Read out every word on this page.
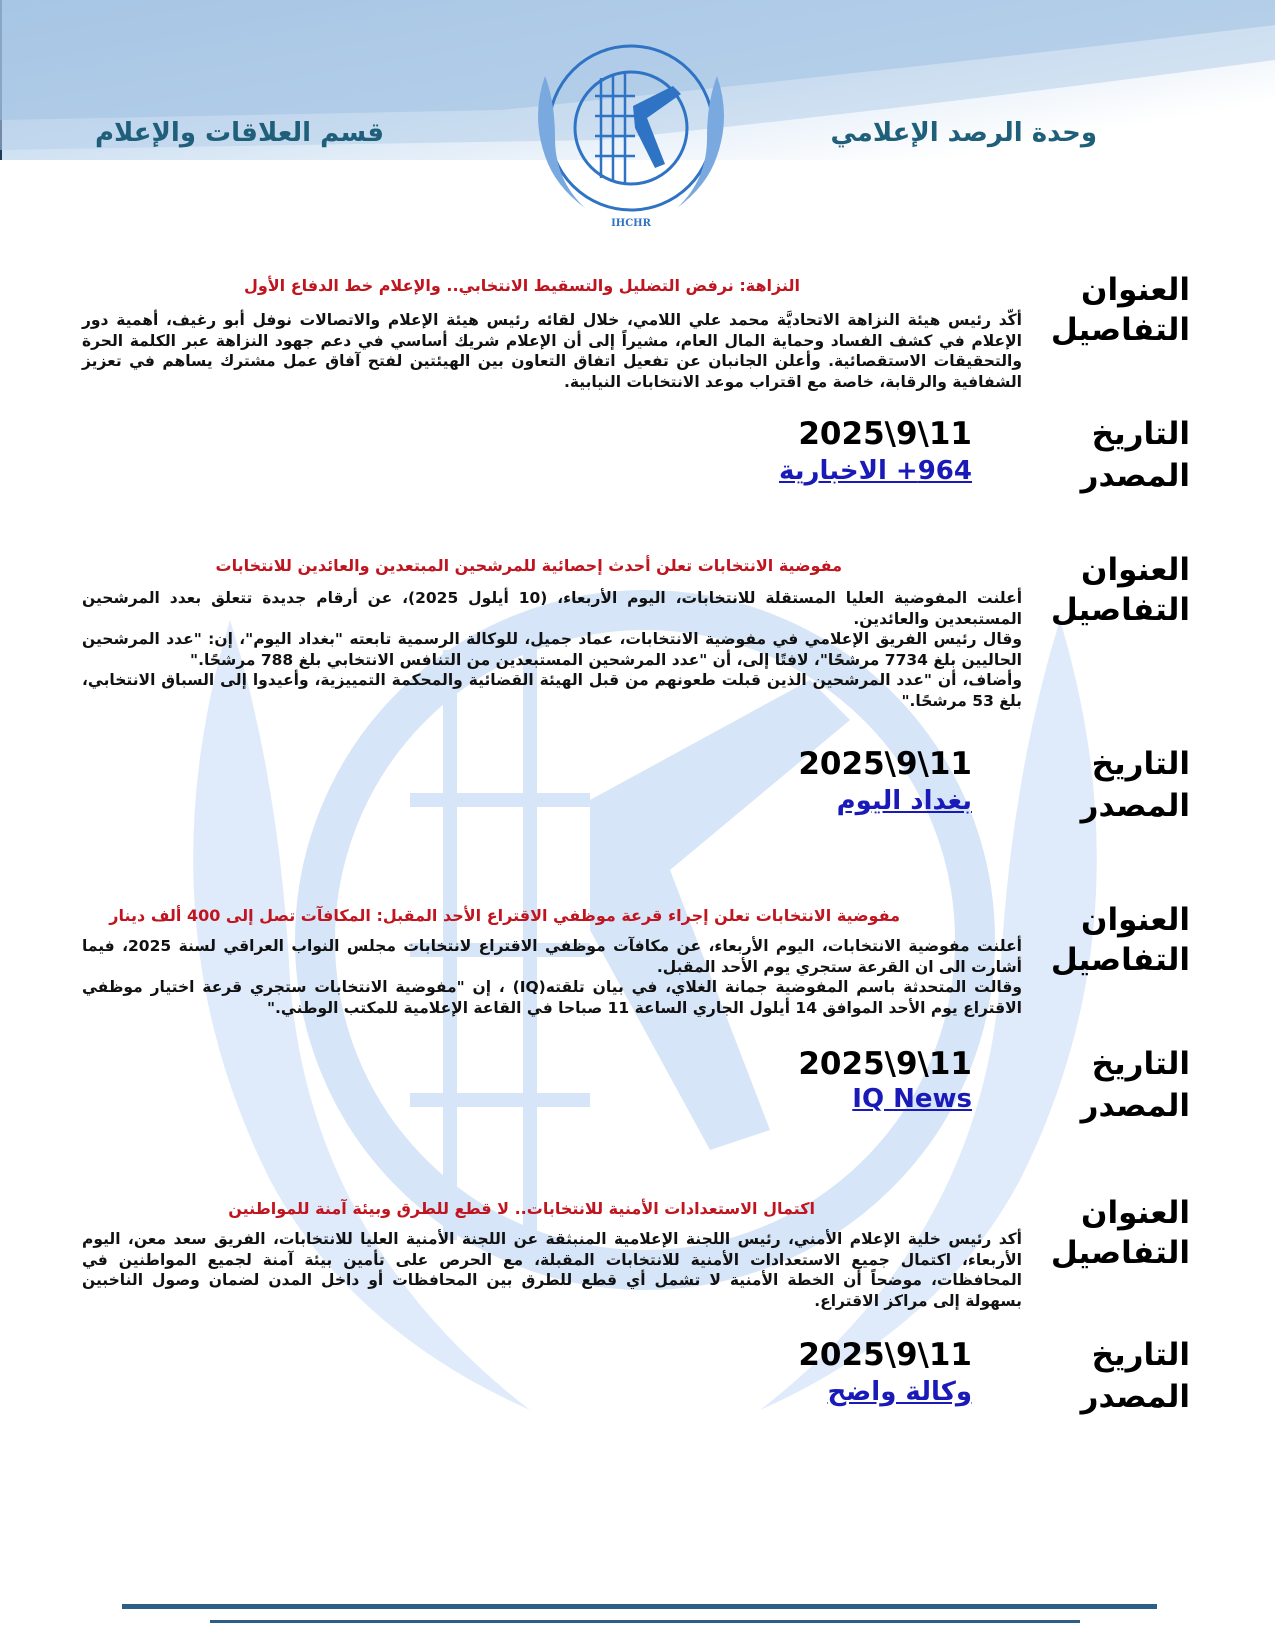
وحدة الرصد الإعلامي
قسم العلاقات والإعلام
IHCHR
العنوان
التفاصيل
النزاهة: نرفض التضليل والتسقيط الانتخابي.. والإعلام خط الدفاع الأول

أكّد رئيس هيئة النزاهة الاتحاديَّة محمد علي اللامي، خلال لقائه رئيس هيئة الإعلام والاتصالات نوفل أبو رغيف، أهمية دور الإعلام في كشف الفساد وحماية المال العام، مشيراً إلى أن الإعلام شريك أساسي في دعم جهود النزاهة عبر الكلمة الحرة والتحقيقات الاستقصائية. وأعلن الجانبان عن تفعيل اتفاق التعاون بين الهيئتين لفتح آفاق عمل مشترك يساهم في تعزيز الشفافية والرقابة، خاصة مع اقتراب موعد الانتخابات النيابية.

التاريخ
2025\9\11
المصدر
964+ الاخبارية
العنوان
التفاصيل
مفوضية الانتخابات تعلن أحدث إحصائية للمرشحين المبتعدين والعائدين للانتخابات

أعلنت المفوضية العليا المستقلة للانتخابات، اليوم الأربعاء، (10 أيلول 2025)، عن أرقام جديدة تتعلق بعدد المرشحين المستبعدين والعائدين.

وقال رئيس الفريق الإعلامي في مفوضية الانتخابات، عماد جميل، للوكالة الرسمية تابعته "بغداد اليوم"، إن: "عدد المرشحين الحاليين بلغ 7734 مرشحًا"، لافتًا إلى، أن "عدد المرشحين المستبعدين من التنافس الانتخابي بلغ 788 مرشحًا."

وأضاف، أن "عدد المرشحين الذين قبلت طعونهم من قبل الهيئة القضائية والمحكمة التمييزية، وأعيدوا إلى السباق الانتخابي، بلغ 53 مرشحًا."

التاريخ
2025\9\11
المصدر
بغداد اليوم
العنوان
التفاصيل
مفوضية الانتخابات تعلن إجراء قرعة موظفي الاقتراع الأحد المقبل: المكافآت تصل إلى 400 ألف دينار

أعلنت مفوضية الانتخابات، اليوم الأربعاء، عن مكافآت موظفي الاقتراع لانتخابات مجلس النواب العراقي لسنة 2025، فيما أشارت الى ان القرعة ستجري يوم الأحد المقبل.

وقالت المتحدثة باسم المفوضية جمانة الغلاي، في بيان تلقته(IQ) ، إن "مفوضية الانتخابات ستجري قرعة اختيار موظفي الاقتراع يوم الأحد الموافق 14 أيلول الجاري الساعة 11 صباحا في القاعة الإعلامية للمكتب الوطني."

التاريخ
2025\9\11
المصدر
IQ News
العنوان
التفاصيل
اكتمال الاستعدادات الأمنية للانتخابات.. لا قطع للطرق وبيئة آمنة للمواطنين

أكد رئيس خلية الإعلام الأمني، رئيس اللجنة الإعلامية المنبثقة عن اللجنة الأمنية العليا للانتخابات، الفريق سعد معن، اليوم الأربعاء، اكتمال جميع الاستعدادات الأمنية للانتخابات المقبلة، مع الحرص على تأمين بيئة آمنة لجميع المواطنين في المحافظات، موضحاً أن الخطة الأمنية لا تشمل أي قطع للطرق بين المحافظات أو داخل المدن لضمان وصول الناخبين بسهولة إلى مراكز الاقتراع.

التاريخ
2025\9\11
المصدر
وكالة واضح
